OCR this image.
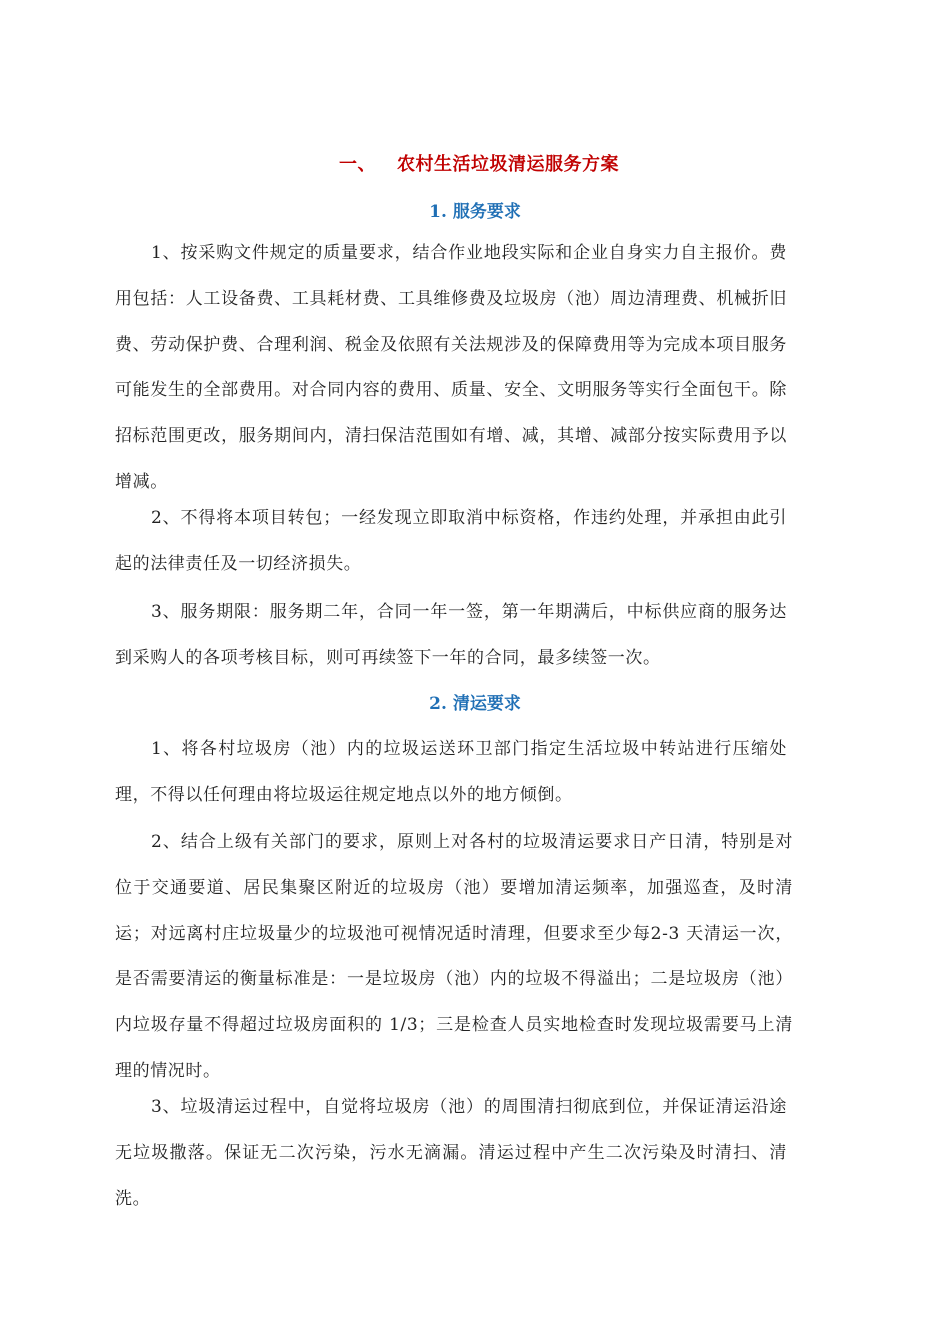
一、 农村生活垃圾清运服务方案
1. 服务要求

1、按采购文件规定的质量要求，结合作业地段实际和企业自身实力自主报价。费用包括：人工设备费、工具耗材费、工具维修费及垃圾房（池）周边清理费、机械折旧费、劳动保护费、合理利润、税金及依照有关法规涉及的保障费用等为完成本项目服务可能发生的全部费用。对合同内容的费用、质量、安全、文明服务等实行全面包干。除招标范围更改，服务期间内，清扫保洁范围如有增、减，其增、减部分按实际费用予以增减。

2、不得将本项目转包；一经发现立即取消中标资格，作违约处理，并承担由此引起的法律责任及一切经济损失。

3、服务期限：服务期二年，合同一年一签，第一年期满后，中标供应商的服务达到采购人的各项考核目标，则可再续签下一年的合同，最多续签一次。

2. 清运要求

1、将各村垃圾房（池）内的垃圾运送环卫部门指定生活垃圾中转站进行压缩处理，不得以任何理由将垃圾运往规定地点以外的地方倾倒。

2、结合上级有关部门的要求，原则上对各村的垃圾清运要求日产日清，特别是对位于交通要道、居民集聚区附近的垃圾房（池）要增加清运频率，加强巡查，及时清运；对远离村庄垃圾量少的垃圾池可视情况适时清理，但要求至少每2-3 天清运一次，是否需要清运的衡量标准是：一是垃圾房（池）内的垃圾不得溢出；二是垃圾房（池）内垃圾存量不得超过垃圾房面积的 1/3；三是检查人员实地检查时发现垃圾需要马上清理的情况时。

3、垃圾清运过程中，自觉将垃圾房（池）的周围清扫彻底到位，并保证清运沿途无垃圾撒落。保证无二次污染，污水无滴漏。清运过程中产生二次污染及时清扫、清洗。
